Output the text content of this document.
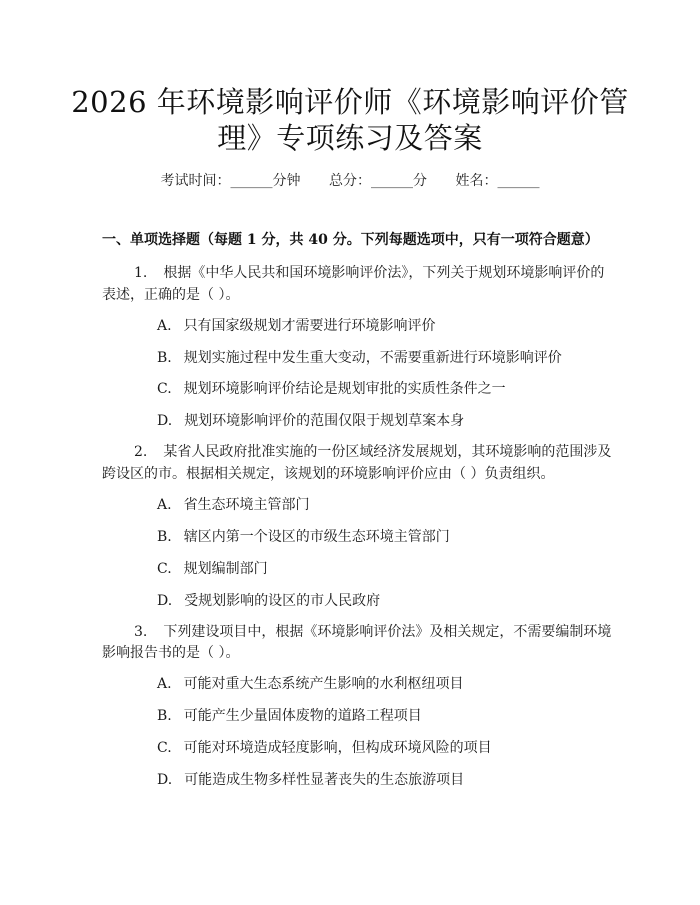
2026 年环境影响评价师《环境影响评价管
理》专项练习及答案
考试时间：______分钟 总分：______分 姓名：______
一、单项选择题（每题 1 分，共 40 分。下列每题选项中，只有一项符合题意）
1. 根据《中华人民共和国环境影响评价法》，下列关于规划环境影响评价的
表述，正确的是（ ）。
A. 只有国家级规划才需要进行环境影响评价
B. 规划实施过程中发生重大变动，不需要重新进行环境影响评价
C. 规划环境影响评价结论是规划审批的实质性条件之一
D. 规划环境影响评价的范围仅限于规划草案本身
2. 某省人民政府批准实施的一份区域经济发展规划，其环境影响的范围涉及
跨设区的市。根据相关规定，该规划的环境影响评价应由（ ）负责组织。
A. 省生态环境主管部门
B. 辖区内第一个设区的市级生态环境主管部门
C. 规划编制部门
D. 受规划影响的设区的市人民政府
3. 下列建设项目中，根据《环境影响评价法》及相关规定，不需要编制环境
影响报告书的是（ ）。
A. 可能对重大生态系统产生影响的水利枢纽项目
B. 可能产生少量固体废物的道路工程项目
C. 可能对环境造成轻度影响，但构成环境风险的项目
D. 可能造成生物多样性显著丧失的生态旅游项目
